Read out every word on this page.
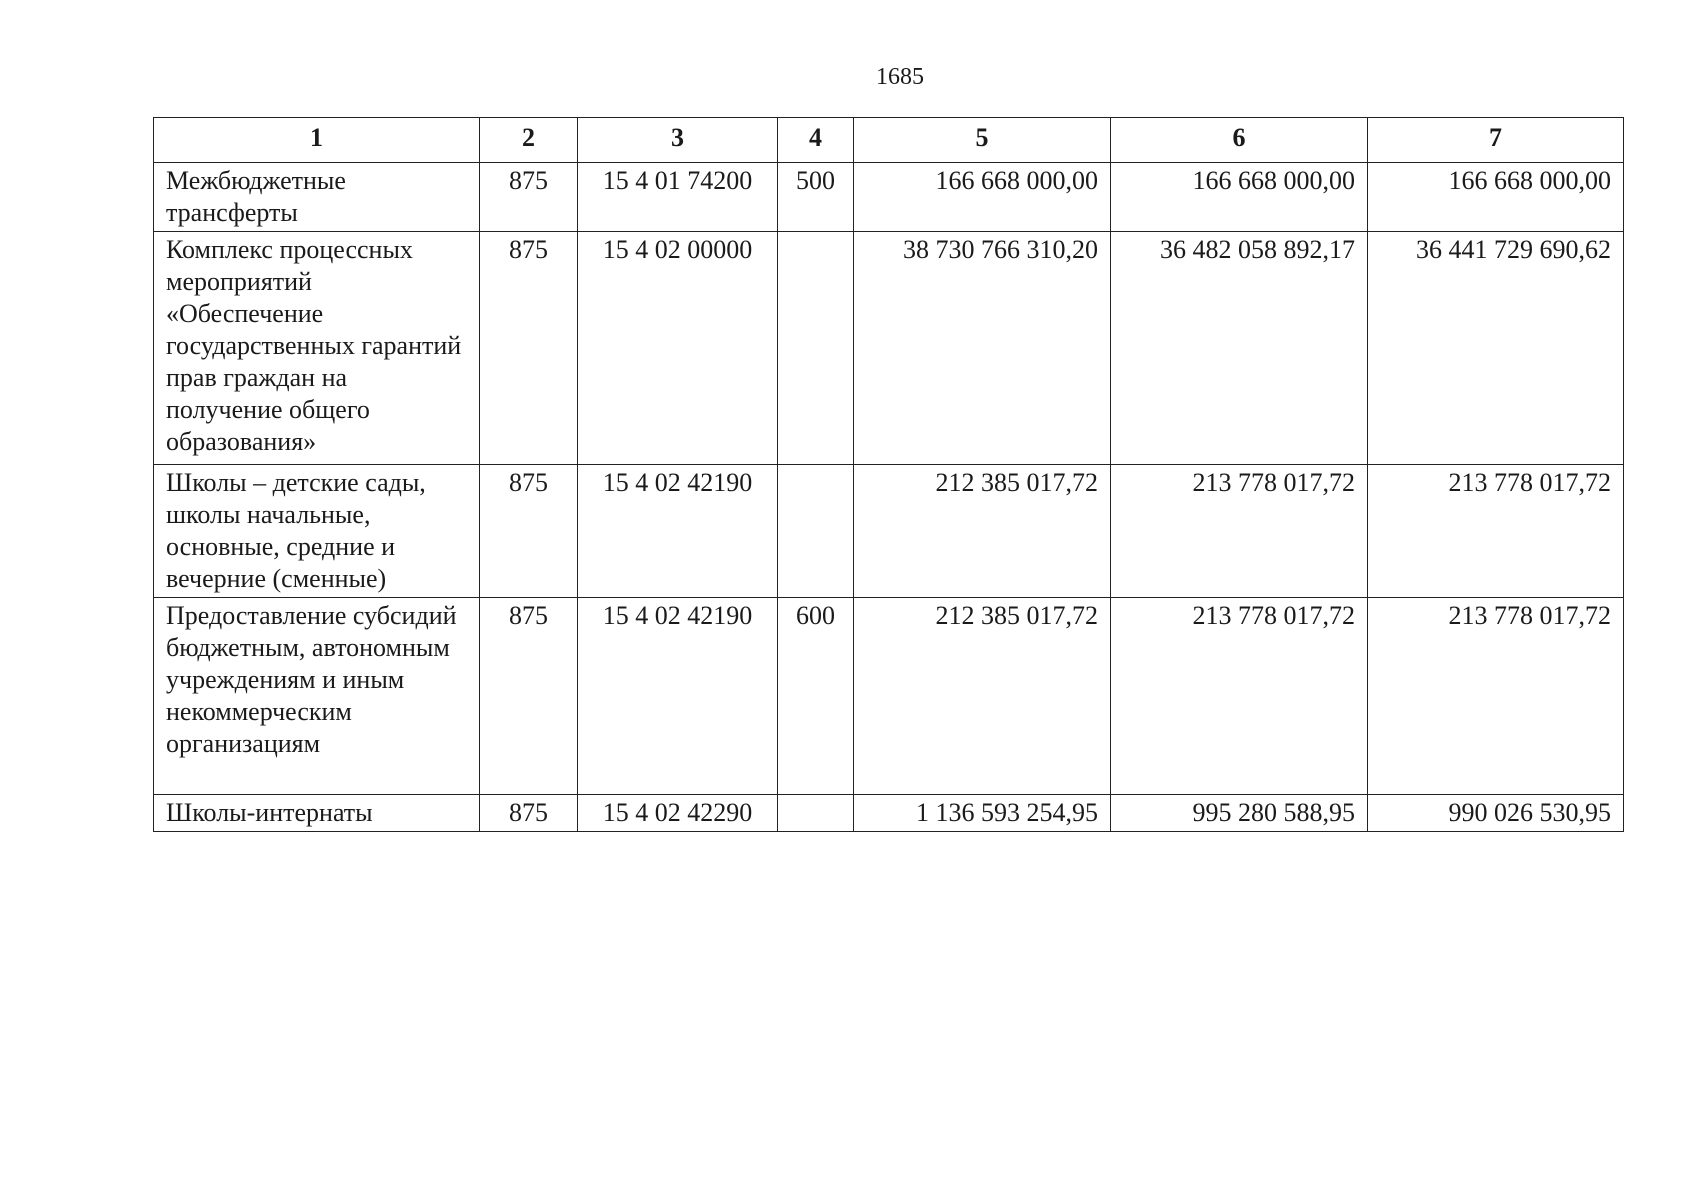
1685
1	2	3	4	5	6	7
Межбюджетные трансферты	875	15 4 01 74200	500	166 668 000,00	166 668 000,00	166 668 000,00
Комплекс процессных мероприятий «Обеспечение государственных гарантий прав граждан на получение общего образования»	875	15 4 02 00000		38 730 766 310,20	36 482 058 892,17	36 441 729 690,62
Школы – детские сады, школы начальные, основные, средние и вечерние (сменные)	875	15 4 02 42190		212 385 017,72	213 778 017,72	213 778 017,72
Предоставление субсидий бюджетным, автономным учреждениям и иным некоммерческим организациям	875	15 4 02 42190	600	212 385 017,72	213 778 017,72	213 778 017,72
Школы-интернаты	875	15 4 02 42290		1 136 593 254,95	995 280 588,95	990 026 530,95
